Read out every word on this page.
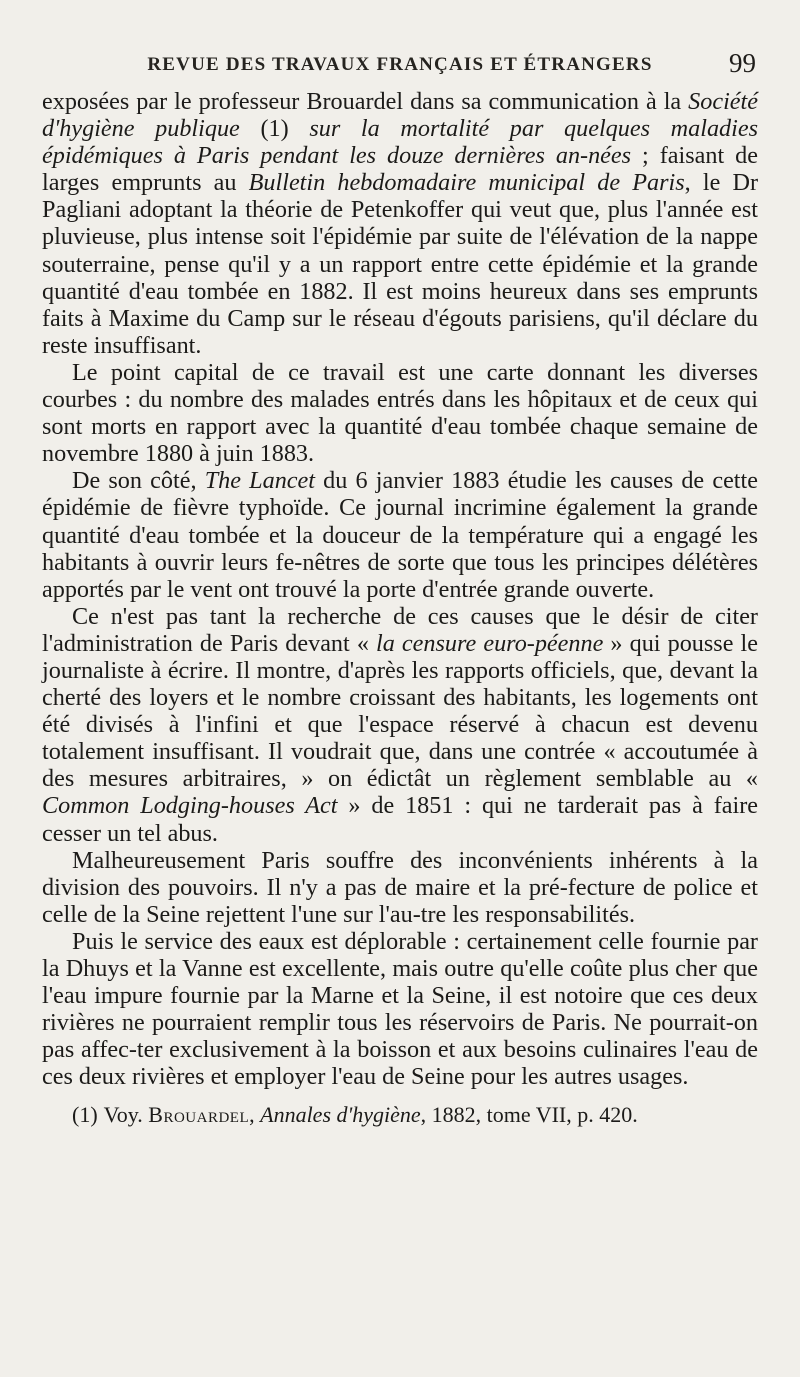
REVUE DES TRAVAUX FRANÇAIS ET ÉTRANGERS	99

exposées par le professeur Brouardel dans sa communication à la Société d'hygiène publique (1) sur la mortalité par quelques maladies épidémiques à Paris pendant les douze dernières an-nées ; faisant de larges emprunts au Bulletin hebdomadaire municipal de Paris, le Dr Pagliani adoptant la théorie de Petenkoffer qui veut que, plus l'année est pluvieuse, plus intense soit l'épidémie par suite de l'élévation de la nappe souterraine, pense qu'il y a un rapport entre cette épidémie et la grande quantité d'eau tombée en 1882. Il est moins heureux dans ses emprunts faits à Maxime du Camp sur le réseau d'égouts parisiens, qu'il déclare du reste insuffisant.

Le point capital de ce travail est une carte donnant les diverses courbes : du nombre des malades entrés dans les hôpitaux et de ceux qui sont morts en rapport avec la quantité d'eau tombée chaque semaine de novembre 1880 à juin 1883.

De son côté, The Lancet du 6 janvier 1883 étudie les causes de cette épidémie de fièvre typhoïde. Ce journal incrimine également la grande quantité d'eau tombée et la douceur de la température qui a engagé les habitants à ouvrir leurs fe-nêtres de sorte que tous les principes délétères apportés par le vent ont trouvé la porte d'entrée grande ouverte.

Ce n'est pas tant la recherche de ces causes que le désir de citer l'administration de Paris devant « la censure euro-péenne » qui pousse le journaliste à écrire. Il montre, d'après les rapports officiels, que, devant la cherté des loyers et le nombre croissant des habitants, les logements ont été divisés à l'infini et que l'espace réservé à chacun est devenu totalement insuffisant. Il voudrait que, dans une contrée « accoutumée à des mesures arbitraires, » on édictât un règlement semblable au « Common Lodging-houses Act » de 1851 : qui ne tarderait pas à faire cesser un tel abus.

Malheureusement Paris souffre des inconvénients inhérents à la division des pouvoirs. Il n'y a pas de maire et la pré-fecture de police et celle de la Seine rejettent l'une sur l'au-tre les responsabilités.

Puis le service des eaux est déplorable : certainement celle fournie par la Dhuys et la Vanne est excellente, mais outre qu'elle coûte plus cher que l'eau impure fournie par la Marne et la Seine, il est notoire que ces deux rivières ne pourraient remplir tous les réservoirs de Paris. Ne pourrait-on pas affec-ter exclusivement à la boisson et aux besoins culinaires l'eau de ces deux rivières et employer l'eau de Seine pour les autres usages.

(1) Voy. Brouardel, Annales d'hygiène, 1882, tome VII, p. 420.
